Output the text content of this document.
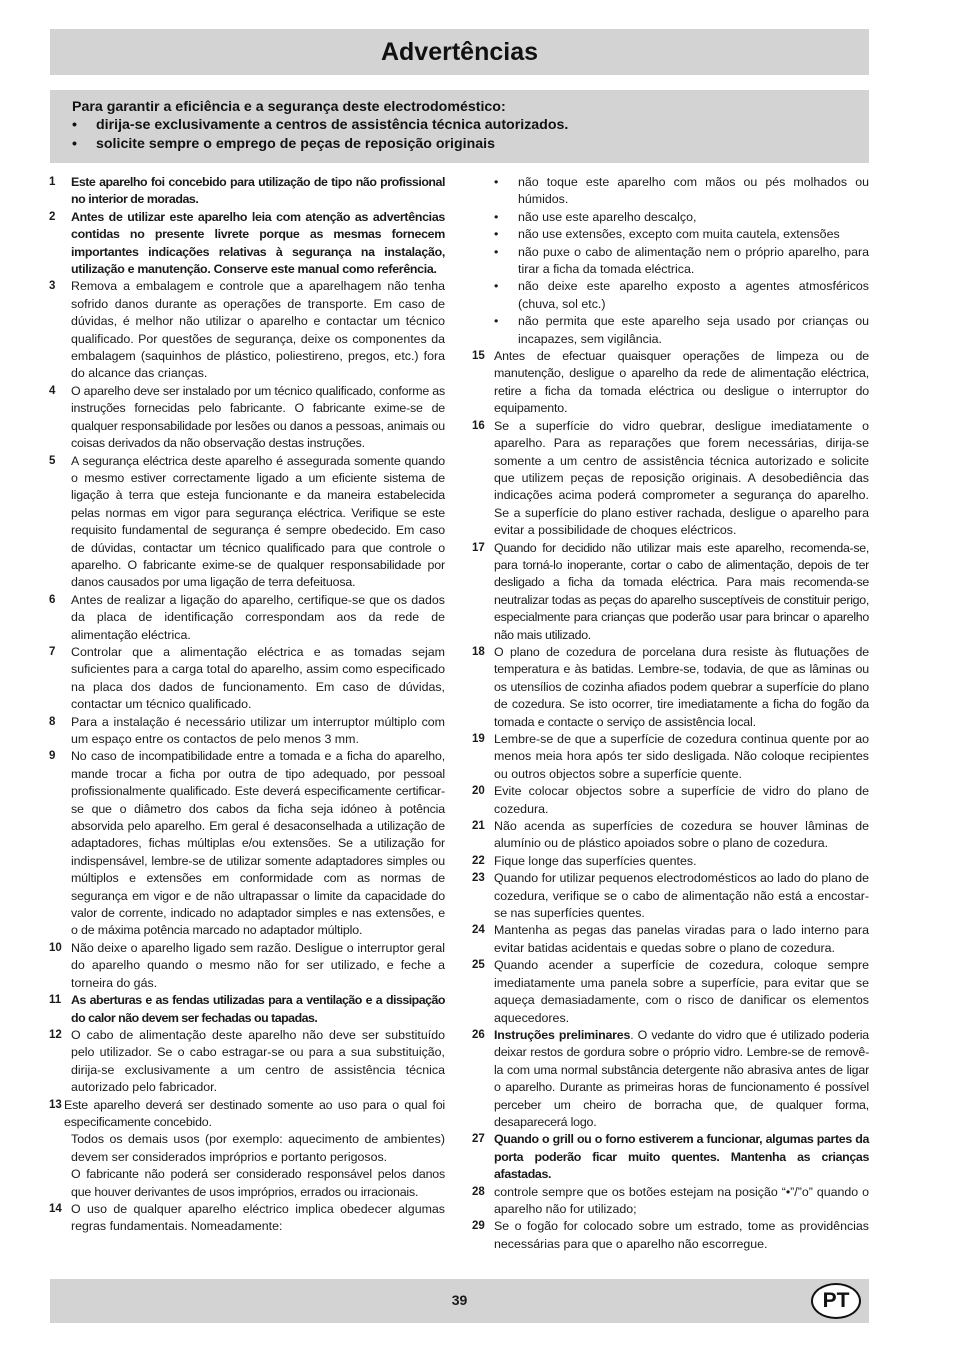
Advertências
Para garantir a eficiência e a segurança deste electrodoméstico:
•	dirija-se exclusivamente a centros de assistência técnica autorizados.
•	solicite sempre o emprego de peças de reposição originais
1	Este aparelho foi concebido para utilização de tipo não profissional no interior de moradas.
2	Antes de utilizar este aparelho leia com atenção as advertências contidas no presente livrete porque as mesmas fornecem importantes indicações relativas à segurança na instalação, utilização e manutenção. Conserve este manual como referência.
3	Remova a embalagem e controle que a aparelhagem não tenha sofrido danos durante as operações de transporte. Em caso de dúvidas, é melhor não utilizar o aparelho e contactar um técnico qualificado. Por questões de segurança, deixe os componentes da embalagem (saquinhos de plástico, poliestireno, pregos, etc.) fora do alcance das crianças.
4	O aparelho deve ser instalado por um técnico qualificado, conforme as instruções fornecidas pelo fabricante. O fabricante exime-se de qualquer responsabilidade por lesões ou danos a pessoas, animais ou coisas derivados da não observação destas instruções.
5	A segurança eléctrica deste aparelho é assegurada somente quando o mesmo estiver correctamente ligado a um eficiente sistema de ligação à terra que esteja funcionante e da maneira estabelecida pelas normas em vigor para segurança eléctrica. Verifique se este requisito fundamental de segurança é sempre obedecido. Em caso de dúvidas, contactar um técnico qualificado para que controle o aparelho. O fabricante exime-se de qualquer responsabilidade por danos causados por uma ligação de terra defeituosa.
6	Antes de realizar a ligação do aparelho, certifique-se que os dados da placa de identificação correspondam aos da rede de alimentação eléctrica.
7	Controlar que a alimentação eléctrica e as tomadas sejam suficientes para a carga total do aparelho, assim como especificado na placa dos dados de funcionamento. Em caso de dúvidas, contactar um técnico qualificado.
8	Para a instalação é necessário utilizar um interruptor múltiplo com um espaço entre os contactos de pelo menos 3 mm.
9	No caso de incompatibilidade entre a tomada e a ficha do aparelho, mande trocar a ficha por outra de tipo adequado, por pessoal profissionalmente qualificado. Este deverá especificamente certificar-se que o diâmetro dos cabos da ficha seja idóneo à potência absorvida pelo aparelho. Em geral é desaconselhada a utilização de adaptadores, fichas múltiplas e/ou extensões. Se a utilização for indispensável, lembre-se de utilizar somente adaptadores simples ou múltiplos e extensões em conformidade com as normas de segurança em vigor e de não ultrapassar o limite da capacidade do valor de corrente, indicado no adaptador simples e nas extensões, e o de máxima potência marcado no adaptador múltiplo.
10 Não deixe o aparelho ligado sem razão. Desligue o interruptor geral do aparelho quando o mesmo não for ser utilizado, e feche a torneira do gás.
11 As aberturas e as fendas utilizadas para a ventilação e a dissipação do calor não devem ser fechadas ou tapadas.
12 O cabo de alimentação deste aparelho não deve ser substituído pelo utilizador. Se o cabo estragar-se ou para a sua substituição, dirija-se exclusivamente a um centro de assistência técnica autorizado pelo fabricador.
13 Este aparelho deverá ser destinado somente ao uso para o qual foi especificamente concebido.
Todos os demais usos (por exemplo: aquecimento de ambientes) devem ser considerados impróprios e portanto perigosos.
O fabricante não poderá ser considerado responsável pelos danos que houver derivantes de usos impróprios, errados ou irracionais.
14 O uso de qualquer aparelho eléctrico implica obedecer algumas regras fundamentais. Nomeadamente:
•	não toque este aparelho com mãos ou pés molhados ou húmidos.
•	não use este aparelho descalço,
•	não use extensões, excepto com muita cautela, extensões
•	não puxe o cabo de alimentação nem o próprio aparelho, para tirar a ficha da tomada eléctrica.
•	não deixe este aparelho exposto a agentes atmosféricos (chuva, sol etc.)
•	não permita que este aparelho seja usado por crianças ou incapazes, sem vigilância.
15 Antes de efectuar quaisquer operações de limpeza ou de manutenção, desligue o aparelho da rede de alimentação eléctrica, retire a ficha da tomada eléctrica ou desligue o interruptor do equipamento.
16 Se a superfície do vidro quebrar, desligue imediatamente o aparelho. Para as reparações que forem necessárias, dirija-se somente a um centro de assistência técnica autorizado e solicite que utilizem peças de reposição originais. A desobediência das indicações acima poderá comprometer a segurança do aparelho. Se a superfície do plano estiver rachada, desligue o aparelho para evitar a possibilidade de choques eléctricos.
17 Quando for decidido não utilizar mais este aparelho, recomenda-se, para torná-lo inoperante, cortar o cabo de alimentação, depois de ter desligado a ficha da tomada eléctrica. Para mais recomenda-se neutralizar todas as peças do aparelho susceptíveis de constituir perigo, especialmente para crianças que poderão usar para brincar o aparelho não mais utilizado.
18 O plano de cozedura de porcelana dura resiste às flutuações de temperatura e às batidas. Lembre-se, todavia, de que as lâminas ou os utensílios de cozinha afiados podem quebrar a superfície do plano de cozedura. Se isto ocorrer, tire imediatamente a ficha do fogão da tomada e contacte o serviço de assistência local.
19 Lembre-se de que a superfície de cozedura continua quente por ao menos meia hora após ter sido desligada. Não coloque recipientes ou outros objectos sobre a superfície quente.
20 Evite colocar objectos sobre a superfície de vidro do plano de cozedura.
21 Não acenda as superfícies de cozedura se houver lâminas de alumínio ou de plástico apoiados sobre o plano de cozedura.
22 Fique longe das superfícies quentes.
23 Quando for utilizar pequenos electrodomésticos ao lado do plano de cozedura, verifique se o cabo de alimentação não está a encostar-se nas superfícies quentes.
24 Mantenha as pegas das panelas viradas para o lado interno para evitar batidas acidentais e quedas sobre o plano de cozedura.
25 Quando acender a superfície de cozedura, coloque sempre imediatamente uma panela sobre a superfície, para evitar que se aqueça demasiadamente, com o risco de danificar os elementos aquecedores.
26 Instruções preliminares. O vedante do vidro que é utilizado poderia deixar restos de gordura sobre o próprio vidro. Lembre-se de removê-la com uma normal substância detergente não abrasiva antes de ligar o aparelho. Durante as primeiras horas de funcionamento é possível perceber um cheiro de borracha que, de qualquer forma, desaparecerá logo.
27 Quando o grill ou o forno estiverem a funcionar, algumas partes da porta poderão ficar muito quentes. Mantenha as crianças afastadas.
28 controle sempre que os botões estejam na posição “•”/”o” quando o aparelho não for utilizado;
29 Se o fogão for colocado sobre um estrado, tome as providências necessárias para que o aparelho não escorregue.
39	PT
